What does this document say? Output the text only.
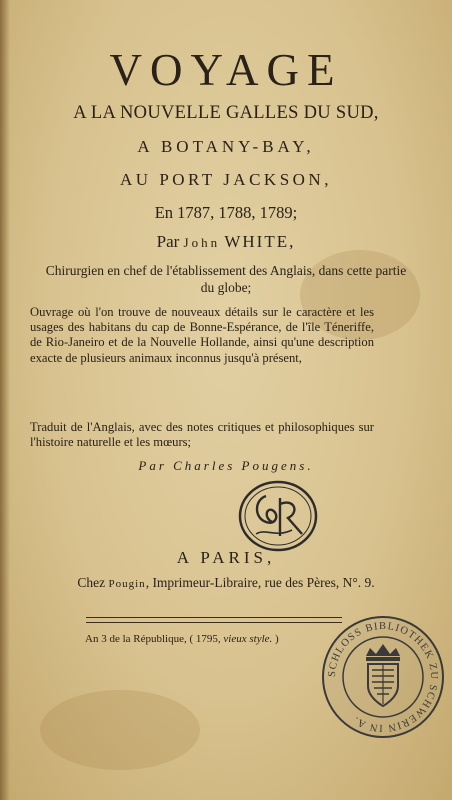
VOYAGE
A LA NOUVELLE GALLES DU SUD,
A BOTANY-BAY,
AU PORT JACKSON,
En 1787, 1788, 1789;
Par John WHITE,
Chirurgien en chef de l'établissement des Anglais, dans cette partie du globe;
Ouvrage où l'on trouve de nouveaux détails sur le caractère et les usages des habitans du cap de Bonne-Espérance, de l'île Téneriffe, de Rio-Janeiro et de la Nouvelle Hollande, ainsi qu'une description exacte de plusieurs animaux inconnus jusqu'à présent,
Traduit de l'Anglais, avec des notes critiques et philosophiques sur l'histoire naturelle et les mœurs;
Par Charles Pougens.
A PARIS,
Chez Pougin, Imprimeur-Libraire, rue des Pères, N°. 9.
An 3 de la République, ( 1795, vieux style. )
SCHLOSS BIBLIOTHEK ZU SCHWERIN IN A.
